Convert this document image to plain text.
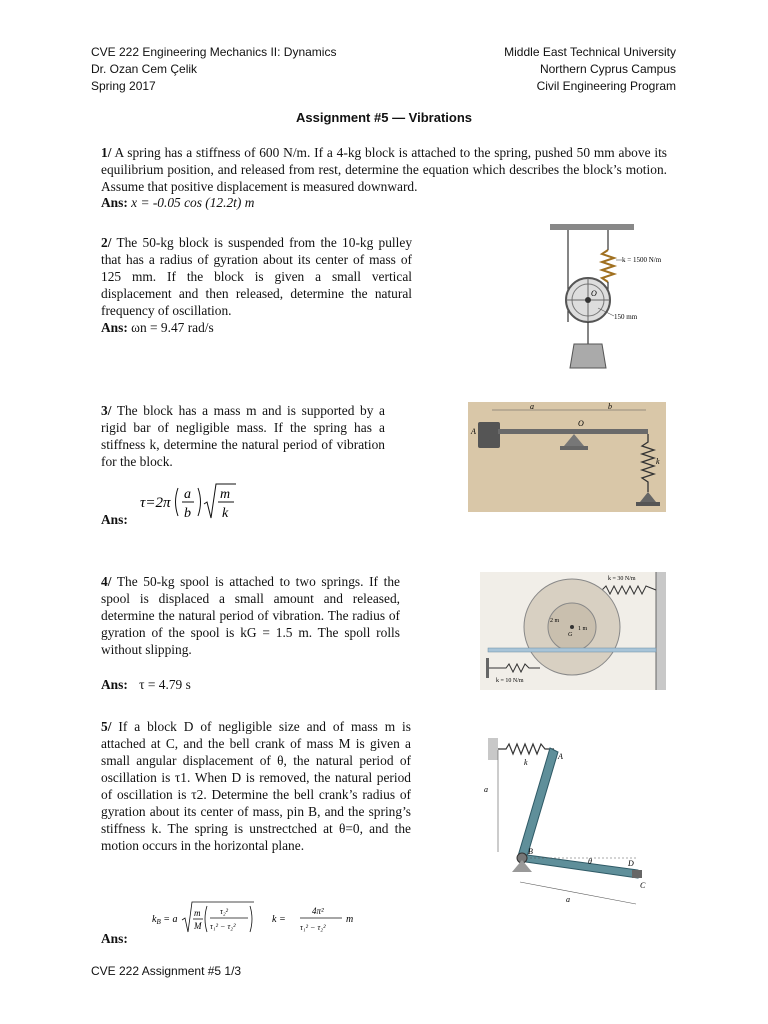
CVE 222 Engineering Mechanics II: Dynamics
Dr. Ozan Cem Çelik
Spring 2017
Middle East Technical University
Northern Cyprus Campus
Civil Engineering Program
Assignment #5 — Vibrations
1/ A spring has a stiffness of 600 N/m. If a 4-kg block is attached to the spring, pushed 50 mm above its equilibrium position, and released from rest, determine the equation which describes the block’s motion. Assume that positive displacement is measured downward.
Ans: x = -0.05 cos (12.2t) m
2/ The 50-kg block is suspended from the 10-kg pulley that has a radius of gyration about its center of mass of 125 mm. If the block is given a small vertical displacement and then released, determine the natural frequency of oscillation.
Ans: ωn = 9.47 rad/s
O
k = 1500 N/m
150 mm
3/ The block has a mass m and is supported by a rigid bar of negligible mass. If the spring has a stiffness k, determine the natural period of vibration for the block.
Ans:
τ=2π
a
b
m
k
a	b
A
O
k
4/ The 50-kg spool is attached to two springs. If the spool is displaced a small amount and released, determine the natural period of vibration. The radius of gyration of the spool is kG = 1.5 m. The spoll rolls without slipping.
Ans: τ = 4.79 s
k = 30 N/m
2 m
1 m
G
k = 10 N/m
5/ If a block D of negligible size and of mass m is attached at C, and the bell crank of mass M is given a small angular displacement of θ, the natural period of oscillation is τ1. When D is removed, the natural period of oscillation is τ2. Determine the bell crank’s radius of gyration about its center of mass, pin B, and the spring’s stiffness k. The spring is unstrectched at θ=0, and the motion occurs in the horizontal plane.
Ans:
$k_B = a$
m
M
τ₂²
τ₁² − τ₂²
k =
4π²
τ₁² − τ₂²
m
k
A
a
B
θ	D
C
a
CVE 222 Assignment #5 1/3
